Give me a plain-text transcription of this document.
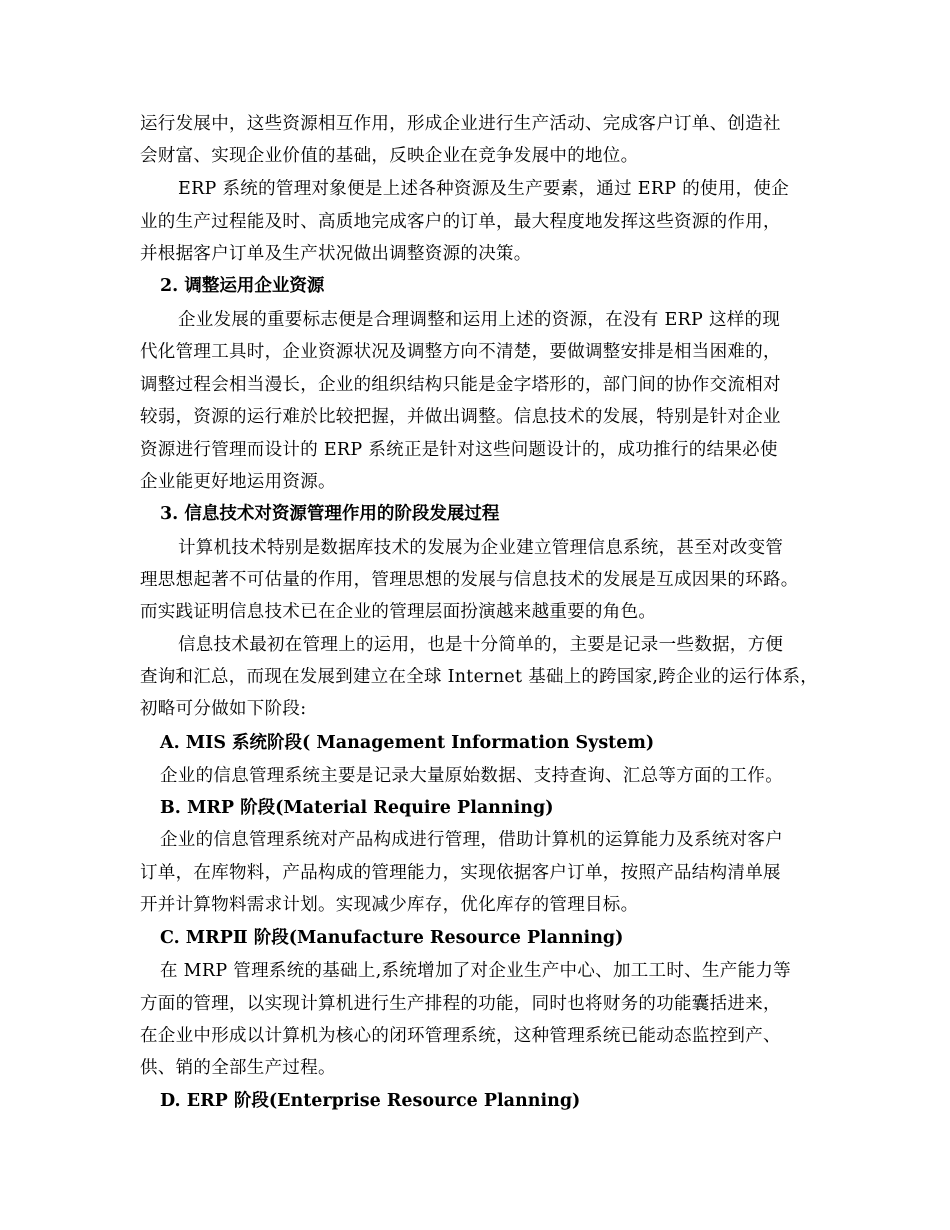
运行发展中，这些资源相互作用，形成企业进行生产活动、完成客户订单、创造社
会财富、实现企业价值的基础，反映企业在竞争发展中的地位。
ERP 系统的管理对象便是上述各种资源及生产要素，通过 ERP 的使用，使企
业的生产过程能及时、高质地完成客户的订单，最大程度地发挥这些资源的作用，
并根据客户订单及生产状况做出调整资源的决策。
2. 调整运用企业资源
企业发展的重要标志便是合理调整和运用上述的资源，在没有 ERP 这样的现
代化管理工具时，企业资源状况及调整方向不清楚，要做调整安排是相当困难的，
调整过程会相当漫长，企业的组织结构只能是金字塔形的，部门间的协作交流相对
较弱，资源的运行难於比较把握，并做出调整。信息技术的发展，特别是针对企业
资源进行管理而设计的 ERP 系统正是针对这些问题设计的，成功推行的结果必使
企业能更好地运用资源。
3. 信息技术对资源管理作用的阶段发展过程
计算机技术特别是数据库技术的发展为企业建立管理信息系统，甚至对改变管
理思想起著不可估量的作用，管理思想的发展与信息技术的发展是互成因果的环路。
而实践证明信息技术已在企业的管理层面扮演越来越重要的角色。
信息技术最初在管理上的运用，也是十分简单的，主要是记录一些数据，方便
查询和汇总，而现在发展到建立在全球 Internet 基础上的跨国家,跨企业的运行体系，
初略可分做如下阶段:
A. MIS 系统阶段( Management Information System)
企业的信息管理系统主要是记录大量原始数据、支持查询、汇总等方面的工作。
B. MRP 阶段(Material Require Planning)
企业的信息管理系统对产品构成进行管理，借助计算机的运算能力及系统对客户
订单，在库物料，产品构成的管理能力，实现依据客户订单，按照产品结构清单展
开并计算物料需求计划。实现减少库存，优化库存的管理目标。
C. MRPⅡ 阶段(Manufacture Resource Planning)
在 MRP 管理系统的基础上,系统增加了对企业生产中心、加工工时、生产能力等
方面的管理，以实现计算机进行生产排程的功能，同时也将财务的功能囊括进来，
在企业中形成以计算机为核心的闭环管理系统，这种管理系统已能动态监控到产、
供、销的全部生产过程。
D. ERP 阶段(Enterprise Resource Planning)
